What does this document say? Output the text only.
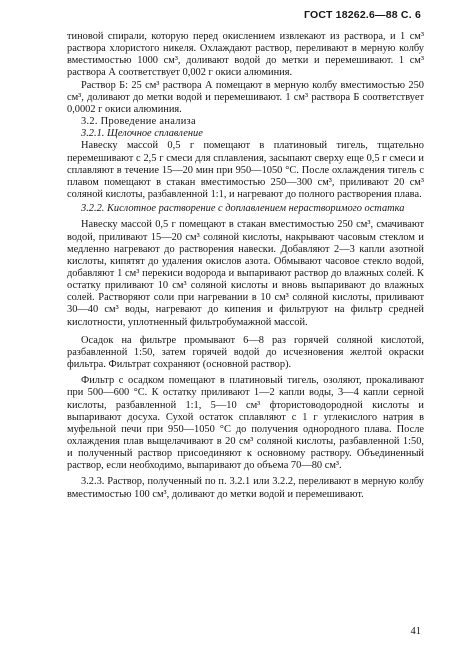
ГОСТ 18262.6—88 С. 6

тиновой спирали, которую перед окислением извлекают из раствора, и 1 см³ раствора хлористого никеля. Охлаждают раствор, переливают в мерную колбу вместимостью 1000 см³, доливают водой до метки и перемешивают. 1 см³ раствора А соответствует 0,002 г окиси алюминия.

Раствор Б: 25 см³ раствора А помещают в мерную колбу вместимостью 250 см³, доливают до метки водой и перемешивают. 1 см³ раствора Б соответствует 0,0002 г окиси алюминия.

3.2. Проведение анализа

3.2.1. Щелочное сплавление

Навеску массой 0,5 г помещают в платиновый тигель, тщательно перемешивают с 2,5 г смеси для сплавления, засыпают сверху еще 0,5 г смеси и сплавляют в течение 15—20 мин при 950—1050 °С. После охлаждения тигель с плавом помещают в стакан вместимостью 250—300 см³, приливают 20 см³ соляной кислоты, разбавленной 1:1, и нагревают до полного растворения плава.

3.2.2. Кислотное растворение с доплавлением нерастворимого остатка

Навеску массой 0,5 г помещают в стакан вместимостью 250 см³, смачивают водой, приливают 15—20 см³ соляной кислоты, накрывают часовым стеклом и медленно нагревают до растворения навески. Добавляют 2—3 капли азотной кислоты, кипятят до удаления окислов азота. Обмывают часовое стекло водой, добавляют 1 см³ перекиси водорода и выпаривают раствор до влажных солей. К остатку приливают 10 см³ соляной кислоты и вновь выпаривают до влажных солей. Растворяют соли при нагревании в 10 см³ соляной кислоты, приливают 30—40 см³ воды, нагревают до кипения и фильтруют на фильтр средней кислотности, уплотненный фильтробумажной массой.

Осадок на фильтре промывают 6—8 раз горячей соляной кислотой, разбавленной 1:50, затем горячей водой до исчезновения желтой окраски фильтра. Фильтрат сохраняют (основной раствор).

Фильтр с осадком помещают в платиновый тигель, озоляют, прокаливают при 500—600 °С. К остатку приливают 1—2 капли воды, 3—4 капли серной кислоты, разбавленной 1:1, 5—10 см³ фтористоводородной кислоты и выпаривают досуха. Сухой остаток сплавляют с 1 г углекислого натрия в муфельной печи при 950—1050 °С до получения однородного плава. После охлаждения плав выщелачивают в 20 см³ соляной кислоты, разбавленной 1:50, и полученный раствор присоединяют к основному раствору. Объединенный раствор, если необходимо, выпаривают до объема 70—80 см³.

3.2.3. Раствор, полученный по п. 3.2.1 или 3.2.2, переливают в мерную колбу вместимостью 100 см³, доливают до метки водой и перемешивают.

41
